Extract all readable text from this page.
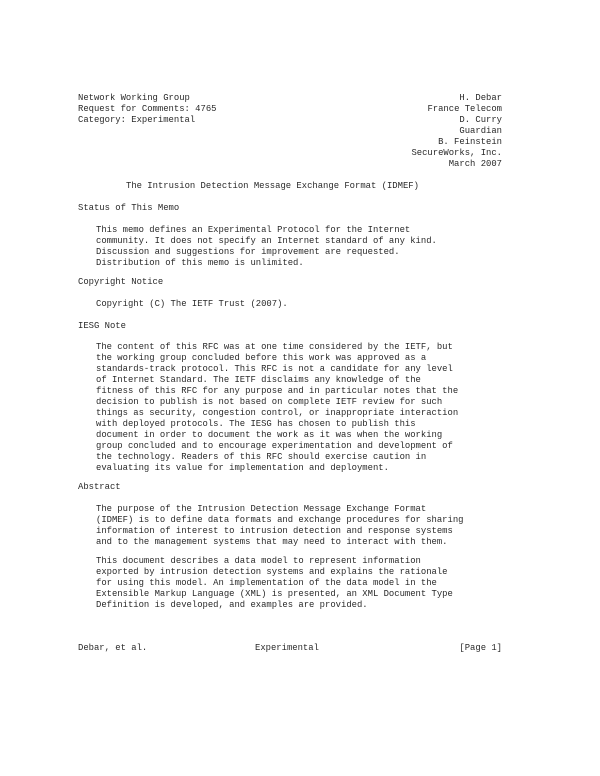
Network Working Group
Request for Comments: 4765
Category: Experimental
H. Debar
France Telecom
D. Curry
Guardian
B. Feinstein
SecureWorks, Inc.
March 2007
The Intrusion Detection Message Exchange Format (IDMEF)
Status of This Memo
This memo defines an Experimental Protocol for the Internet
community. It does not specify an Internet standard of any kind.
Discussion and suggestions for improvement are requested.
Distribution of this memo is unlimited.
Copyright Notice
Copyright (C) The IETF Trust (2007).
IESG Note
The content of this RFC was at one time considered by the IETF, but
the working group concluded before this work was approved as a
standards-track protocol. This RFC is not a candidate for any level
of Internet Standard. The IETF disclaims any knowledge of the
fitness of this RFC for any purpose and in particular notes that the
decision to publish is not based on complete IETF review for such
things as security, congestion control, or inappropriate interaction
with deployed protocols. The IESG has chosen to publish this
document in order to document the work as it was when the working
group concluded and to encourage experimentation and development of
the technology. Readers of this RFC should exercise caution in
evaluating its value for implementation and deployment.
Abstract
The purpose of the Intrusion Detection Message Exchange Format
(IDMEF) is to define data formats and exchange procedures for sharing
information of interest to intrusion detection and response systems
and to the management systems that may need to interact with them.
This document describes a data model to represent information
exported by intrusion detection systems and explains the rationale
for using this model. An implementation of the data model in the
Extensible Markup Language (XML) is presented, an XML Document Type
Definition is developed, and examples are provided.
Debar, et al.	Experimental	[Page 1]
